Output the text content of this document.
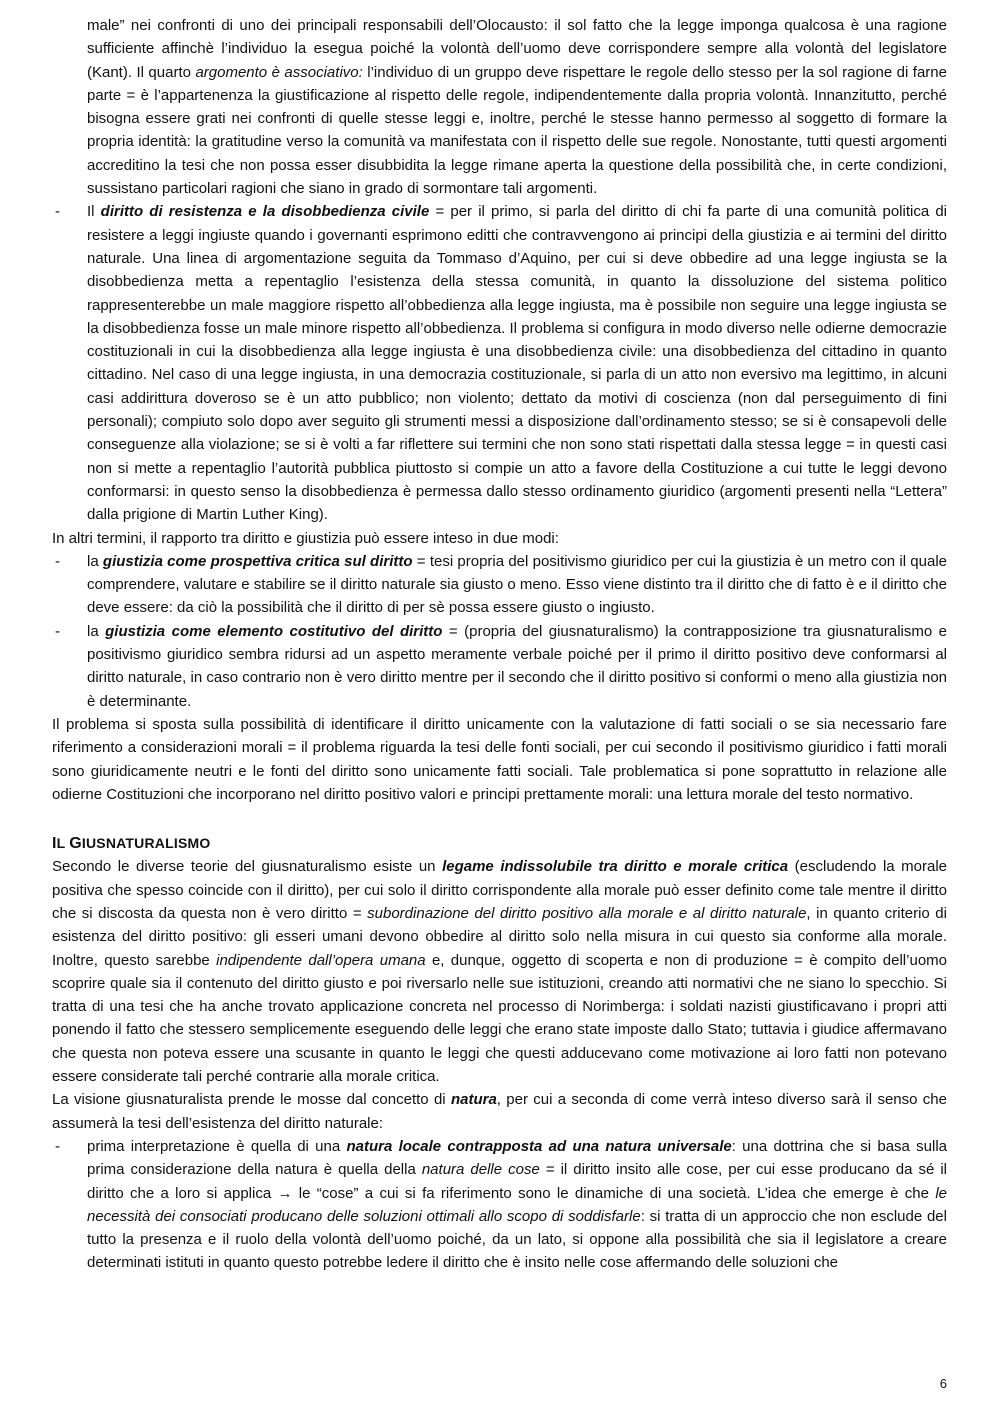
male” nei confronti di uno dei principali responsabili dell’Olocausto: il sol fatto che la legge imponga qualcosa è una ragione sufficiente affinchè l’individuo la esegua poiché la volontà dell’uomo deve corrispondere sempre alla volontà del legislatore (Kant). Il quarto argomento è associativo: l’individuo di un gruppo deve rispettare le regole dello stesso per la sol ragione di farne parte = è l’appartenenza la giustificazione al rispetto delle regole, indipendentemente dalla propria volontà. Innanzitutto, perché bisogna essere grati nei confronti di quelle stesse leggi e, inoltre, perché le stesse hanno permesso al soggetto di formare la propria identità: la gratitudine verso la comunità va manifestata con il rispetto delle sue regole. Nonostante, tutti questi argomenti accreditino la tesi che non possa esser disubbidita la legge rimane aperta la questione della possibilità che, in certe condizioni, sussistano particolari ragioni che siano in grado di sormontare tali argomenti.

- Il diritto di resistenza e la disobbedienza civile = per il primo, si parla del diritto di chi fa parte di una comunità politica di resistere a leggi ingiuste quando i governanti esprimono editti che contravvengono ai principi della giustizia e ai termini del diritto naturale. Una linea di argomentazione seguita da Tommaso d’Aquino, per cui si deve obbedire ad una legge ingiusta se la disobbedienza metta a repentaglio l’esistenza della stessa comunità, in quanto la dissoluzione del sistema politico rappresenterebbe un male maggiore rispetto all’obbedienza alla legge ingiusta, ma è possibile non seguire una legge ingiusta se la disobbedienza fosse un male minore rispetto all’obbedienza. Il problema si configura in modo diverso nelle odierne democrazie costituzionali in cui la disobbedienza alla legge ingiusta è una disobbedienza civile: una disobbedienza del cittadino in quanto cittadino. Nel caso di una legge ingiusta, in una democrazia costituzionale, si parla di un atto non eversivo ma legittimo, in alcuni casi addirittura doveroso se è un atto pubblico; non violento; dettato da motivi di coscienza (non dal perseguimento di fini personali); compiuto solo dopo aver seguito gli strumenti messi a disposizione dall’ordinamento stesso; se si è consapevoli delle conseguenze alla violazione; se si è volti a far riflettere sui termini che non sono stati rispettati dalla stessa legge = in questi casi non si mette a repentaglio l’autorità pubblica piuttosto si compie un atto a favore della Costituzione a cui tutte le leggi devono conformarsi: in questo senso la disobbedienza è permessa dallo stesso ordinamento giuridico (argomenti presenti nella “Lettera” dalla prigione di Martin Luther King).

In altri termini, il rapporto tra diritto e giustizia può essere inteso in due modi:

- la giustizia come prospettiva critica sul diritto = tesi propria del positivismo giuridico per cui la giustizia è un metro con il quale comprendere, valutare e stabilire se il diritto naturale sia giusto o meno. Esso viene distinto tra il diritto che di fatto è e il diritto che deve essere: da ciò la possibilità che il diritto di per sè possa essere giusto o ingiusto.
- la giustizia come elemento costitutivo del diritto = (propria del giusnaturalismo) la contrapposizione tra giusnaturalismo e positivismo giuridico sembra ridursi ad un aspetto meramente verbale poiché per il primo il diritto positivo deve conformarsi al diritto naturale, in caso contrario non è vero diritto mentre per il secondo che il diritto positivo si conformi o meno alla giustizia non è determinante.

Il problema si sposta sulla possibilità di identificare il diritto unicamente con la valutazione di fatti sociali o se sia necessario fare riferimento a considerazioni morali = il problema riguarda la tesi delle fonti sociali, per cui secondo il positivismo giuridico i fatti morali sono giuridicamente neutri e le fonti del diritto sono unicamente fatti sociali. Tale problematica si pone soprattutto in relazione alle odierne Costituzioni che incorporano nel diritto positivo valori e principi prettamente morali: una lettura morale del testo normativo.

IL GIUSNATURALISMO

Secondo le diverse teorie del giusnaturalismo esiste un legame indissolubile tra diritto e morale critica (escludendo la morale positiva che spesso coincide con il diritto), per cui solo il diritto corrispondente alla morale può esser definito come tale mentre il diritto che si discosta da questa non è vero diritto = subordinazione del diritto positivo alla morale e al diritto naturale, in quanto criterio di esistenza del diritto positivo: gli esseri umani devono obbedire al diritto solo nella misura in cui questo sia conforme alla morale. Inoltre, questo sarebbe indipendente dall’opera umana e, dunque, oggetto di scoperta e non di produzione = è compito dell’uomo scoprire quale sia il contenuto del diritto giusto e poi riversarlo nelle sue istituzioni, creando atti normativi che ne siano lo specchio. Si tratta di una tesi che ha anche trovato applicazione concreta nel processo di Norimberga: i soldati nazisti giustificavano i propri atti ponendo il fatto che stessero semplicemente eseguendo delle leggi che erano state imposte dallo Stato; tuttavia i giudice affermavano che questa non poteva essere una scusante in quanto le leggi che questi adducevano come motivazione ai loro fatti non potevano essere considerate tali perché contrarie alla morale critica.

La visione giusnaturalista prende le mosse dal concetto di natura, per cui a seconda di come verrà inteso diverso sarà il senso che assumerà la tesi dell’esistenza del diritto naturale:

- prima interpretazione è quella di una natura locale contrapposta ad una natura universale: una dottrina che si basa sulla prima considerazione della natura è quella della natura delle cose = il diritto insito alle cose, per cui esse producano da sé il diritto che a loro si applica → le “cose” a cui si fa riferimento sono le dinamiche di una società. L’idea che emerge è che le necessità dei consociati producano delle soluzioni ottimali allo scopo di soddisfarle: si tratta di un approccio che non esclude del tutto la presenza e il ruolo della volontà dell’uomo poiché, da un lato, si oppone alla possibilità che sia il legislatore a creare determinati istituti in quanto questo potrebbe ledere il diritto che è insito nelle cose affermando delle soluzioni che
6
